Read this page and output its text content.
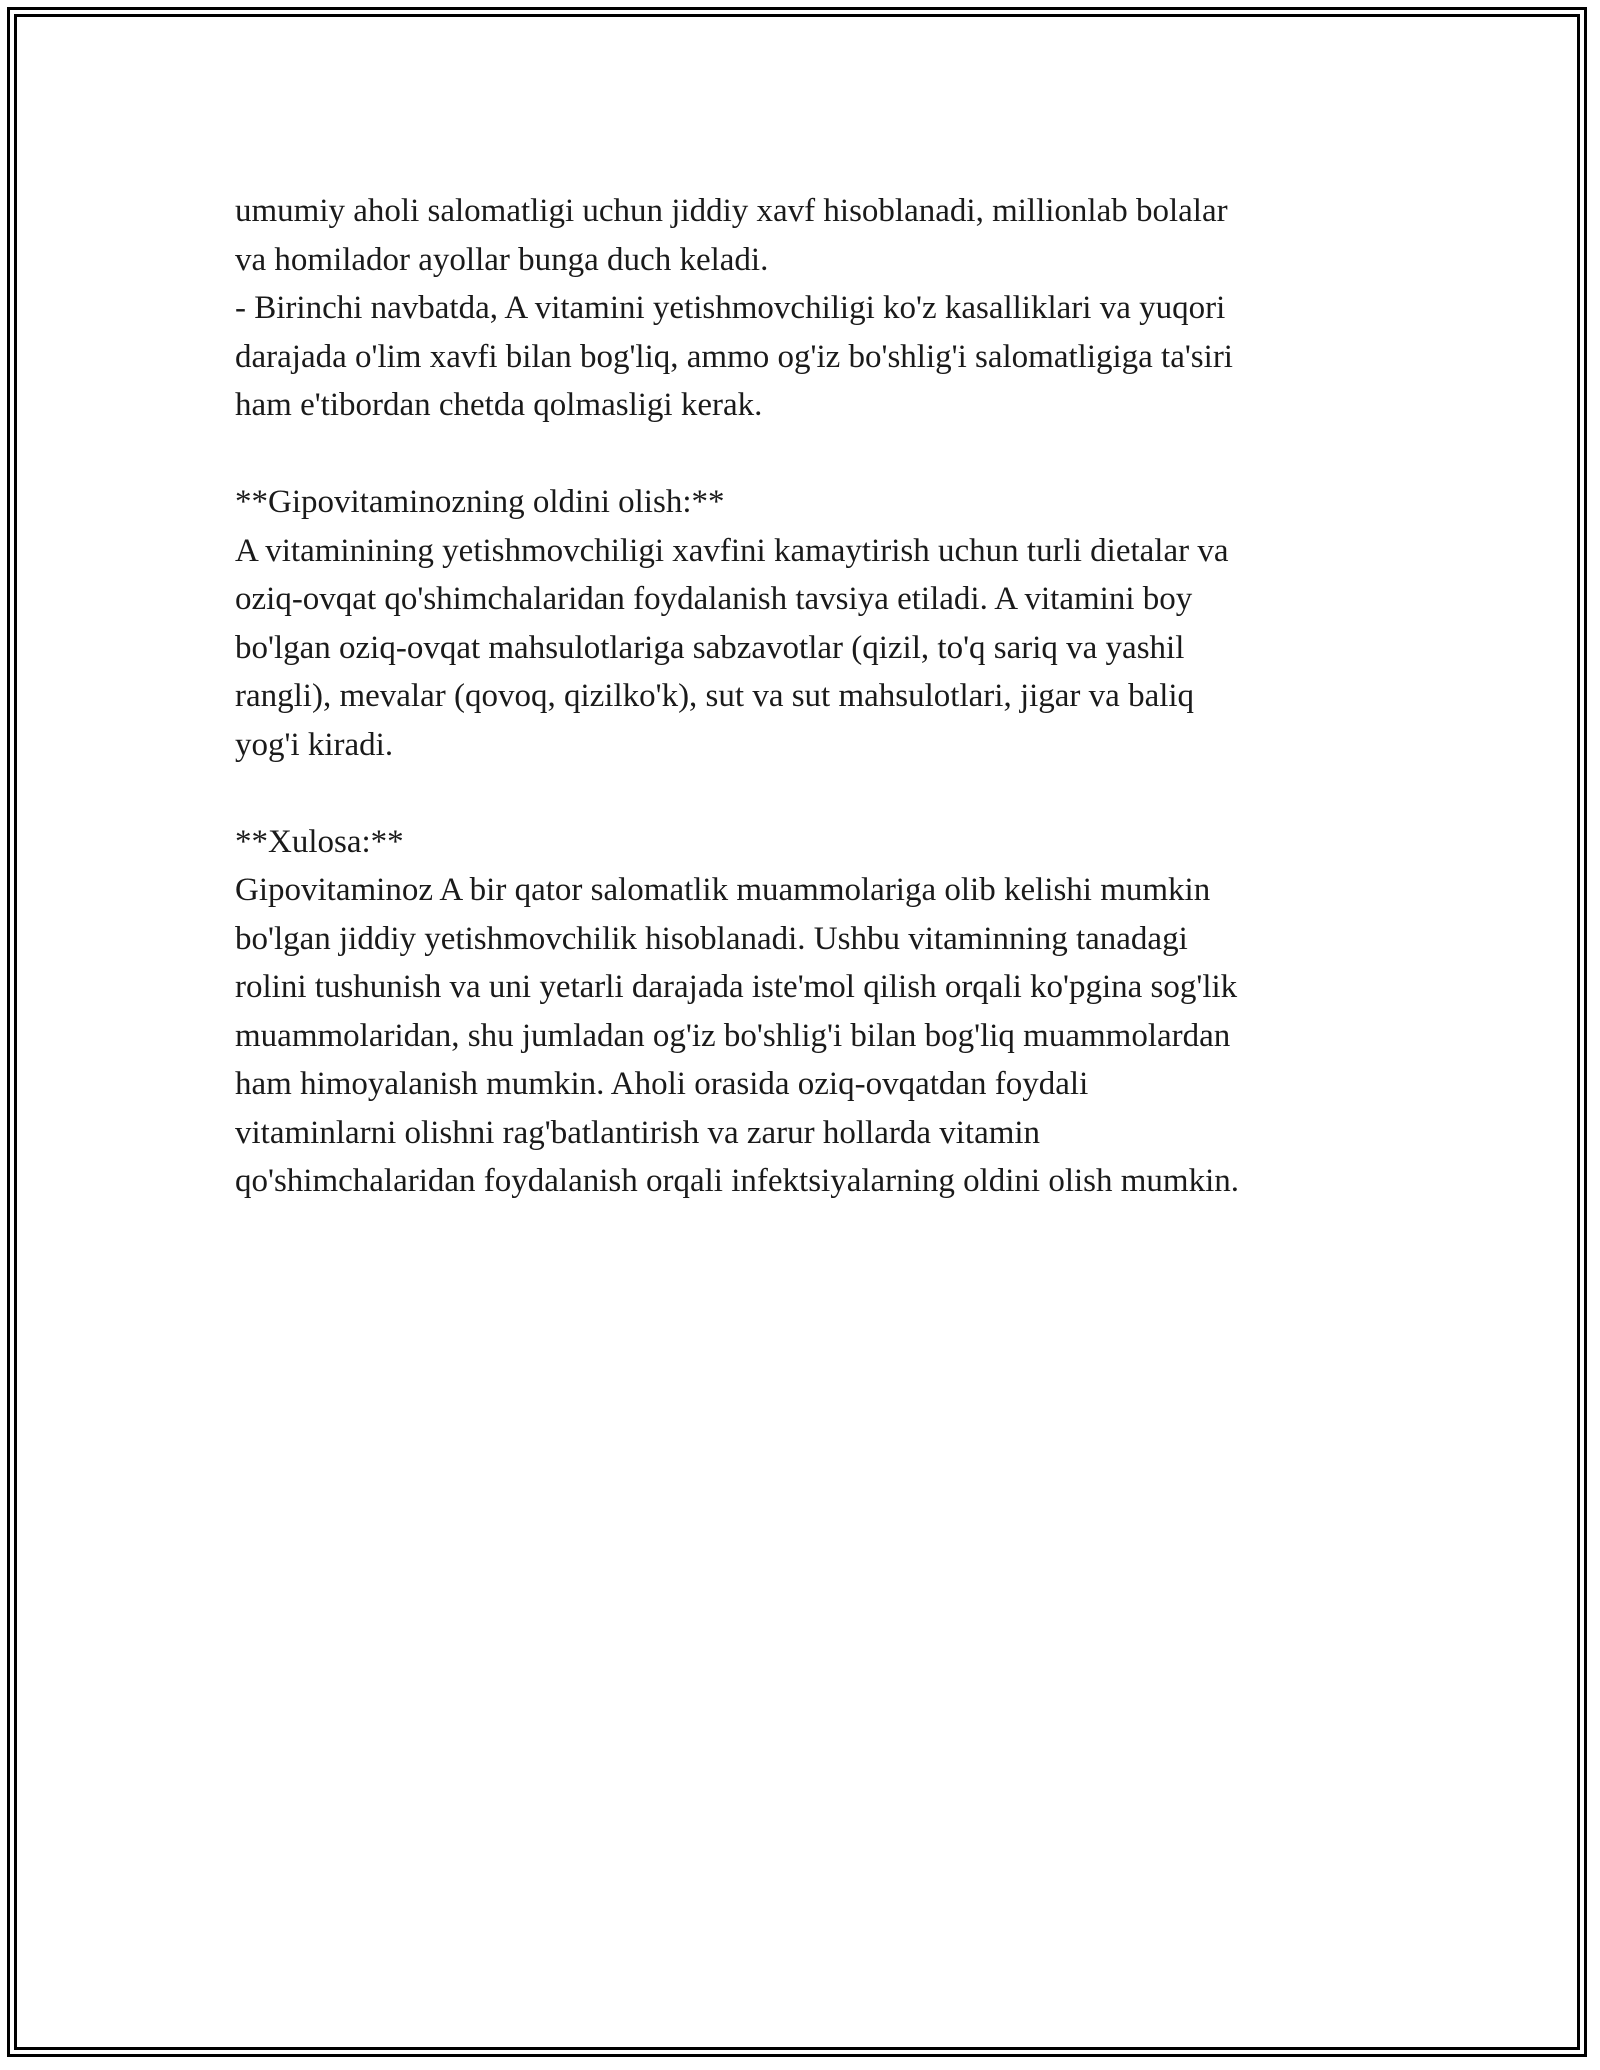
umumiy aholi salomatligi uchun jiddiy xavf hisoblanadi, millionlab bolalar
va homilador ayollar bunga duch keladi.
- Birinchi navbatda, A vitamini yetishmovchiligi ko'z kasalliklari va yuqori
darajada o'lim xavfi bilan bog'liq, ammo og'iz bo'shlig'i salomatligiga ta'siri
ham e'tibordan chetda qolmasligi kerak.
**Gipovitaminozning oldini olish:**
A vitaminining yetishmovchiligi xavfini kamaytirish uchun turli dietalar va
oziq-ovqat qo'shimchalaridan foydalanish tavsiya etiladi. A vitamini boy
bo'lgan oziq-ovqat mahsulotlariga sabzavotlar (qizil, to'q sariq va yashil
rangli), mevalar (qovoq, qizilko'k), sut va sut mahsulotlari, jigar va baliq
yog'i kiradi.
**Xulosa:**
Gipovitaminoz A bir qator salomatlik muammolariga olib kelishi mumkin
bo'lgan jiddiy yetishmovchilik hisoblanadi. Ushbu vitaminning tanadagi
rolini tushunish va uni yetarli darajada iste'mol qilish orqali ko'pgina sog'lik
muammolaridan, shu jumladan og'iz bo'shlig'i bilan bog'liq muammolardan
ham himoyalanish mumkin. Aholi orasida oziq-ovqatdan foydali
vitaminlarni olishni rag'batlantirish va zarur hollarda vitamin
qo'shimchalaridan foydalanish orqali infektsiyalarning oldini olish mumkin.
